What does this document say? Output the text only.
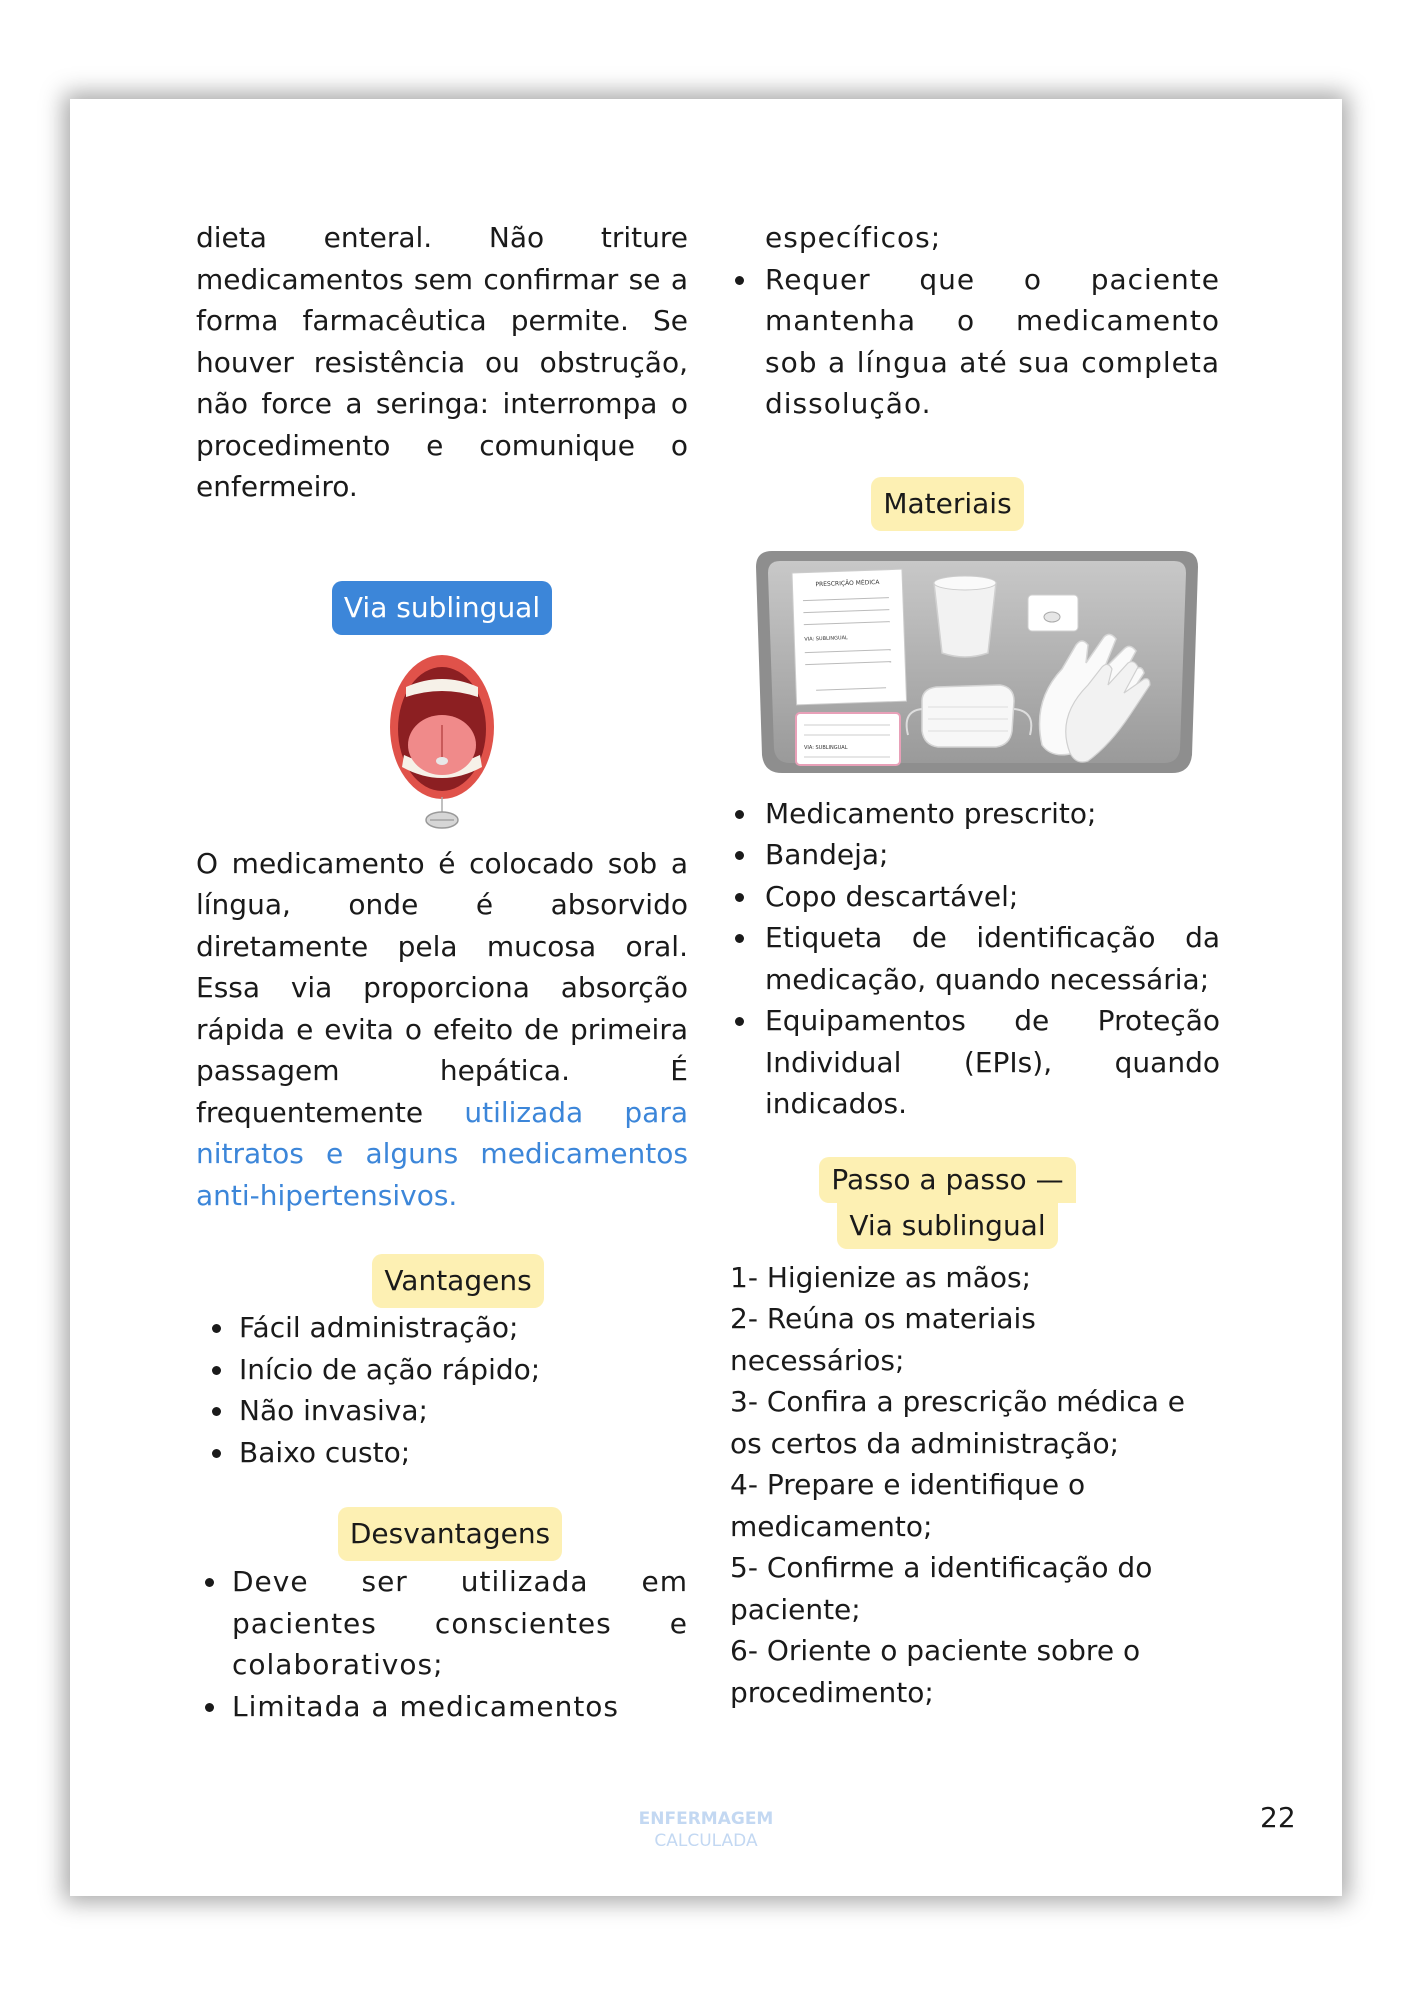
dieta enteral. Não triture medicamentos sem confirmar se a forma farmacêutica permite. Se houver resistência ou obstrução, não force a seringa: interrompa o procedimento e comunique o enfermeiro.

Via sublingual

O medicamento é colocado sob a língua, onde é absorvido diretamente pela mucosa oral. Essa via proporciona absorção rápida e evita o efeito de primeira passagem hepática. É frequentemente utilizada para nitratos e alguns medicamentos anti-hipertensivos.

Vantagens
Fácil administração;
Início de ação rápido;
Não invasiva;
Baixo custo;
Desvantagens
Deve ser utilizada em pacientes conscientes e colaborativos;
Limitada a medicamentos
específicos;
Requer que o paciente mantenha o medicamento sob a língua até sua completa dissolução.
Materiais
PRESCRIÇÃO MÉDICA
VIA: SUBLINGUAL
VIA: SUBLINGUAL
Medicamento prescrito;
Bandeja;
Copo descartável;
Etiqueta de identificação da medicação, quando necessária;
Equipamentos de Proteção Individual (EPIs), quando indicados.
Passo a passo —
Via sublingual
1- Higienize as mãos;
2- Reúna os materiais necessários;
3- Confira a prescrição médica e os certos da administração;
4- Prepare e identifique o medicamento;
5- Confirme a identificação do paciente;
6- Oriente o paciente sobre o procedimento;
ENFERMAGEM
CALCULADA
22
